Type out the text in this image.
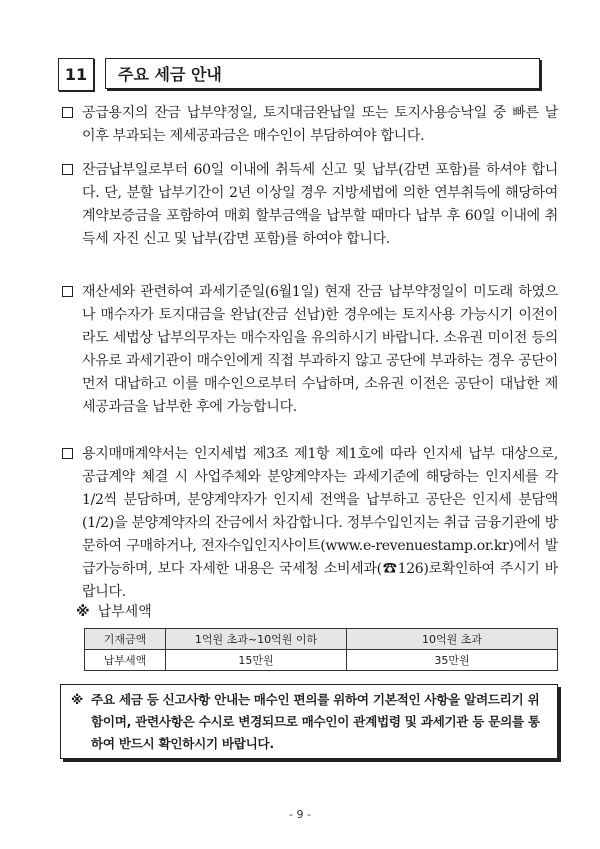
11	주요 세금 안내
공급용지의 잔금 납부약정일, 토지대금완납일 또는 토지사용승낙일 중 빠른 날 이후 부과되는 제세공과금은 매수인이 부담하여야 합니다.
잔금납부일로부터 60일 이내에 취득세 신고 및 납부(감면 포함)를 하셔야 합니다. 단, 분할 납부기간이 2년 이상일 경우 지방세법에 의한 연부취득에 해당하여 계약보증금을 포함하여 매회 할부금액을 납부할 때마다 납부 후 60일 이내에 취득세 자진 신고 및 납부(감면 포함)를 하여야 합니다.
재산세와 관련하여 과세기준일(6월1일) 현재 잔금 납부약정일이 미도래 하였으나 매수자가 토지대금을 완납(잔금 선납)한 경우에는 토지사용 가능시기 이전이라도 세법상 납부의무자는 매수자임을 유의하시기 바랍니다. 소유권 미이전 등의 사유로 과세기관이 매수인에게 직접 부과하지 않고 공단에 부과하는 경우 공단이 먼저 대납하고 이를 매수인으로부터 수납하며, 소유권 이전은 공단이 대납한 제세공과금을 납부한 후에 가능합니다.
용지매매계약서는 인지세법 제3조 제1항 제1호에 따라 인지세 납부 대상으로, 공급계약 체결 시 사업주체와 분양계약자는 과세기준에 해당하는 인지세를 각 1/2씩 분담하며, 분양계약자가 인지세 전액을 납부하고 공단은 인지세 분담액(1/2)을 분양계약자의 잔금에서 차감합니다. 정부수입인지는 취급 금융기관에 방문하여 구매하거나, 전자수입인지사이트(www.e-revenuestamp.or.kr)에서 발급가능하며, 보다 자세한 내용은 국세청 소비세과(☎126)로확인하여 주시기 바랍니다.
※ 납부세액
기재금액	1억원 초과~10억원 이하	10억원 초과
납부세액	15만원	35만원
※ 주요 세금 등 신고사항 안내는 매수인 편의를 위하여 기본적인 사항을 알려드리기 위함이며, 관련사항은 수시로 변경되므로 매수인이 관계법령 및 과세기관 등 문의를 통하여 반드시 확인하시기 바랍니다.
- 9 -
